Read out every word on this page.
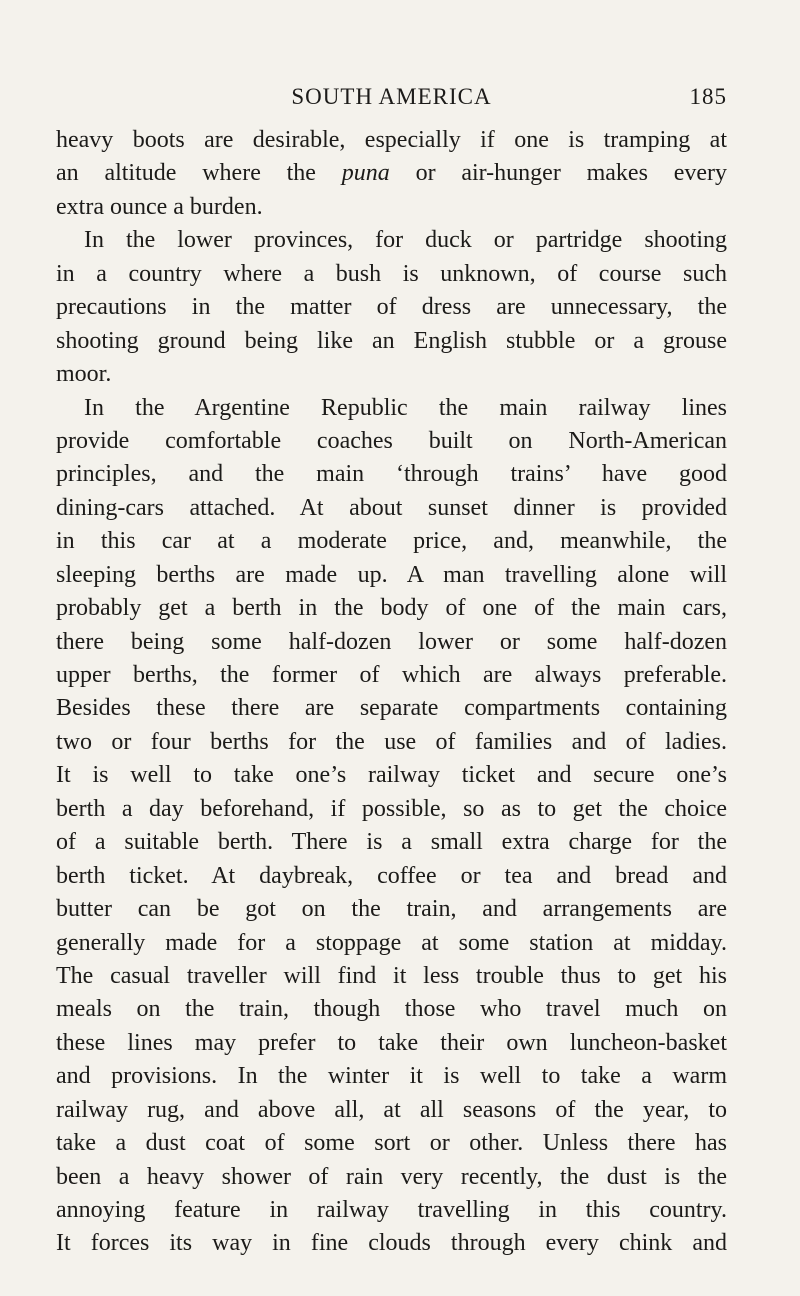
SOUTH AMERICA	185
heavy boots are desirable, especially if one is tramping at
an altitude where the puna or air-hunger makes every
extra ounce a burden.
In the lower provinces, for duck or partridge shooting
in a country where a bush is unknown, of course such
precautions in the matter of dress are unnecessary, the
shooting ground being like an English stubble or a grouse
moor.
In the Argentine Republic the main railway lines
provide comfortable coaches built on North-American
principles, and the main ‘through trains’ have good
dining-cars attached. At about sunset dinner is provided
in this car at a moderate price, and, meanwhile, the
sleeping berths are made up. A man travelling alone will
probably get a berth in the body of one of the main cars,
there being some half-dozen lower or some half-dozen
upper berths, the former of which are always preferable.
Besides these there are separate compartments containing
two or four berths for the use of families and of ladies.
It is well to take one’s railway ticket and secure one’s
berth a day beforehand, if possible, so as to get the choice
of a suitable berth. There is a small extra charge for the
berth ticket. At daybreak, coffee or tea and bread and
butter can be got on the train, and arrangements are
generally made for a stoppage at some station at midday.
The casual traveller will find it less trouble thus to get his
meals on the train, though those who travel much on
these lines may prefer to take their own luncheon-basket
and provisions. In the winter it is well to take a warm
railway rug, and above all, at all seasons of the year, to
take a dust coat of some sort or other. Unless there has
been a heavy shower of rain very recently, the dust is the
annoying feature in railway travelling in this country.
It forces its way in fine clouds through every chink and
